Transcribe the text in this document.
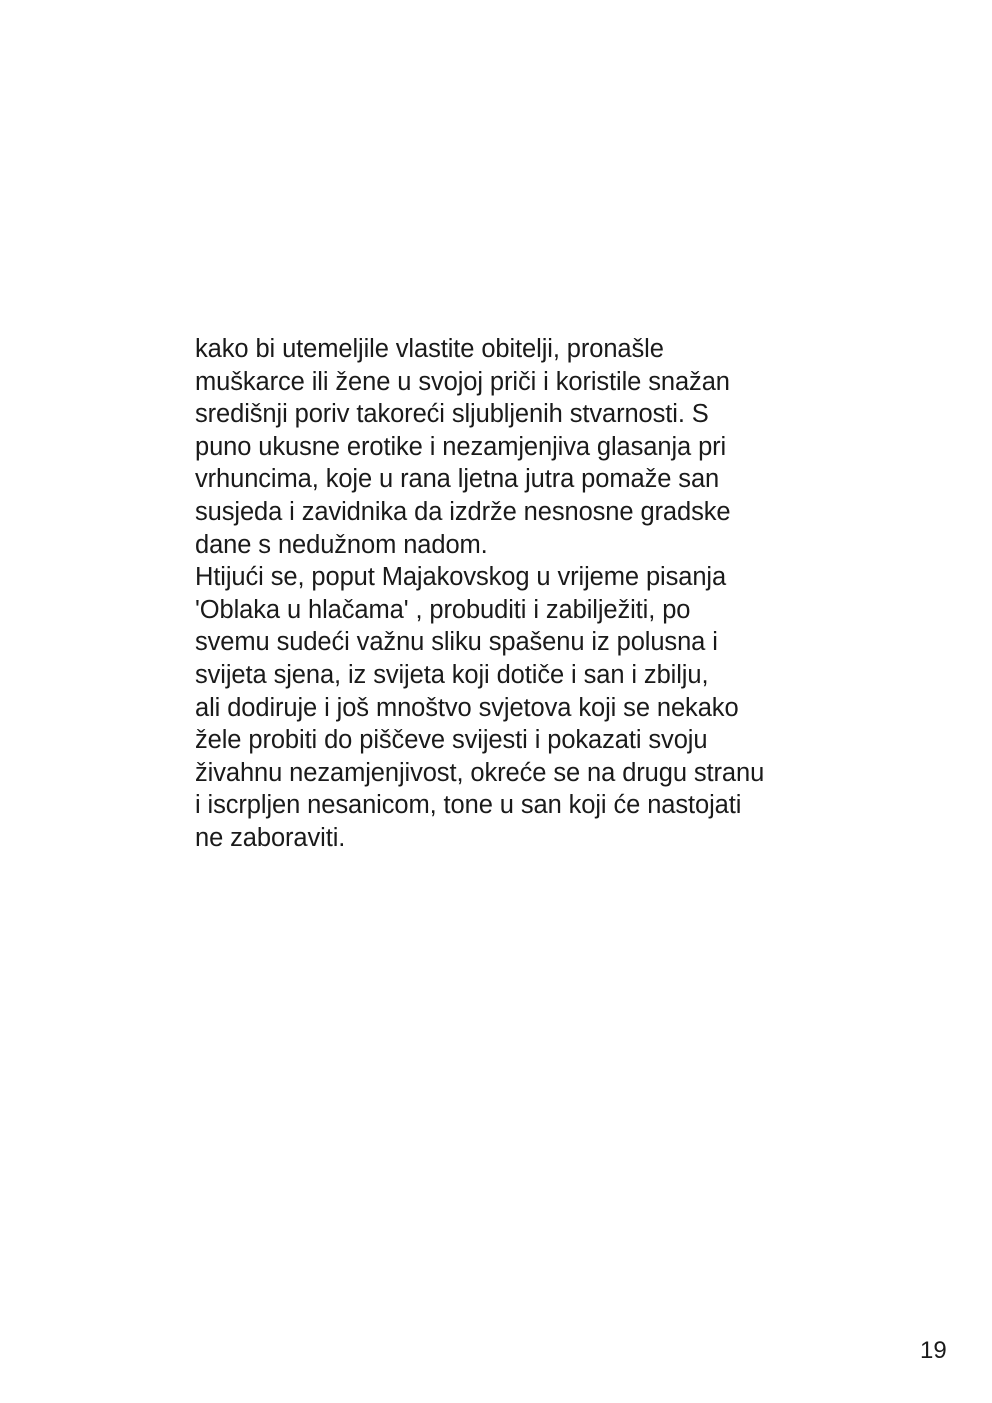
kako bi utemeljile vlastite obitelji, pronašle
muškarce ili žene u svojoj priči i koristile snažan
središnji poriv takoreći sljubljenih stvarnosti. S
puno ukusne erotike i nezamjenjiva glasanja pri
vrhuncima, koje u rana ljetna jutra pomaže san
susjeda i zavidnika da izdrže nesnosne gradske
dane s nedužnom nadom.
Htijući se, poput Majakovskog u vrijeme pisanja
'Oblaka u hlačama' , probuditi i zabilježiti, po
svemu sudeći važnu sliku spašenu iz polusna i
svijeta sjena, iz svijeta koji dotiče i san i zbilju,
ali dodiruje i još mnoštvo svjetova koji se nekako
žele probiti do piščeve svijesti i pokazati svoju
živahnu nezamjenjivost, okreće se na drugu stranu
i iscrpljen nesanicom, tone u san koji će nastojati
ne zaboraviti.
19
